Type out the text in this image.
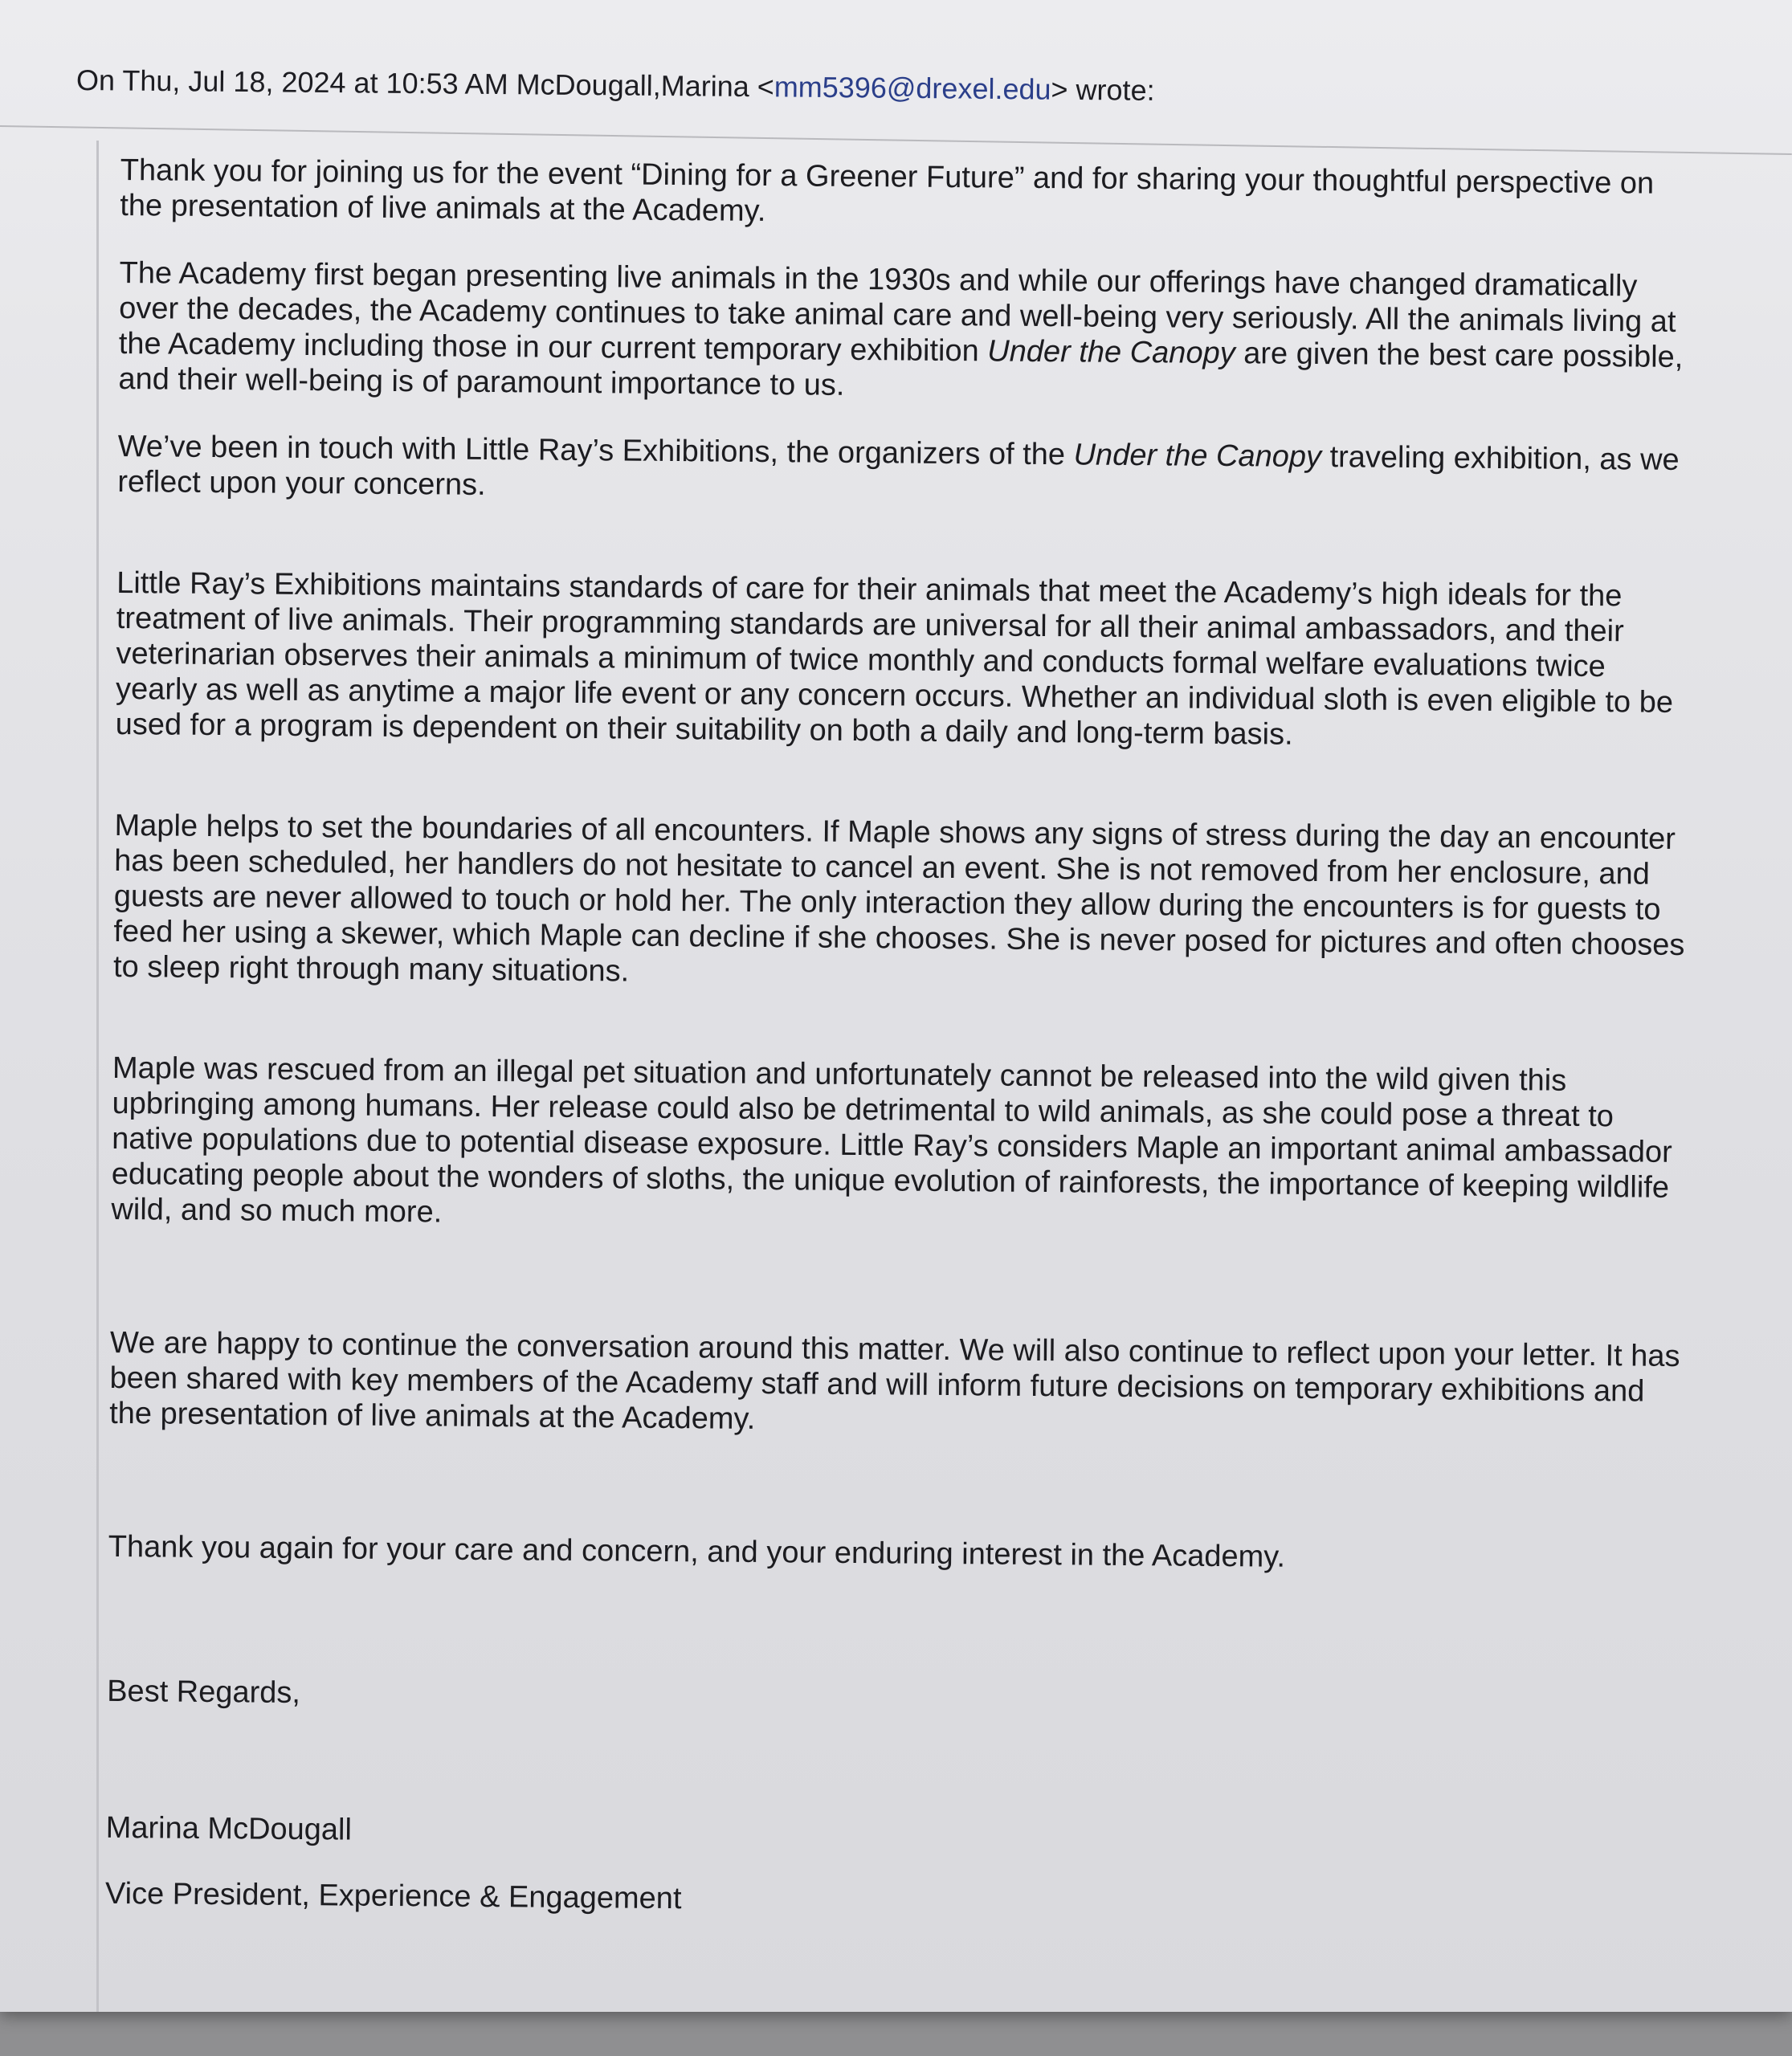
On Thu, Jul 18, 2024 at 10:53 AM McDougall,Marina <mm5396@drexel.edu> wrote:

Thank you for joining us for the event “Dining for a Greener Future” and for sharing your thoughtful perspective on the presentation of live animals at the Academy.

The Academy first began presenting live animals in the 1930s and while our offerings have changed dramatically over the decades, the Academy continues to take animal care and well-being very seriously. All the animals living at the Academy including those in our current temporary exhibition Under the Canopy are given the best care possible, and their well-being is of paramount importance to us.

We’ve been in touch with Little Ray’s Exhibitions, the organizers of the Under the Canopy traveling exhibition, as we reflect upon your concerns.

Little Ray’s Exhibitions maintains standards of care for their animals that meet the Academy’s high ideals for the treatment of live animals. Their programming standards are universal for all their animal ambassadors, and their veterinarian observes their animals a minimum of twice monthly and conducts formal welfare evaluations twice yearly as well as anytime a major life event or any concern occurs. Whether an individual sloth is even eligible to be used for a program is dependent on their suitability on both a daily and long-term basis.

Maple helps to set the boundaries of all encounters. If Maple shows any signs of stress during the day an encounter has been scheduled, her handlers do not hesitate to cancel an event. She is not removed from her enclosure, and guests are never allowed to touch or hold her. The only interaction they allow during the encounters is for guests to feed her using a skewer, which Maple can decline if she chooses. She is never posed for pictures and often chooses to sleep right through many situations.

Maple was rescued from an illegal pet situation and unfortunately cannot be released into the wild given this upbringing among humans. Her release could also be detrimental to wild animals, as she could pose a threat to native populations due to potential disease exposure. Little Ray’s considers Maple an important animal ambassador educating people about the wonders of sloths, the unique evolution of rainforests, the importance of keeping wildlife wild, and so much more.

We are happy to continue the conversation around this matter. We will also continue to reflect upon your letter. It has been shared with key members of the Academy staff and will inform future decisions on temporary exhibitions and the presentation of live animals at the Academy.

Thank you again for your care and concern, and your enduring interest in the Academy.

Best Regards,

Marina McDougall

Vice President, Experience & Engagement
